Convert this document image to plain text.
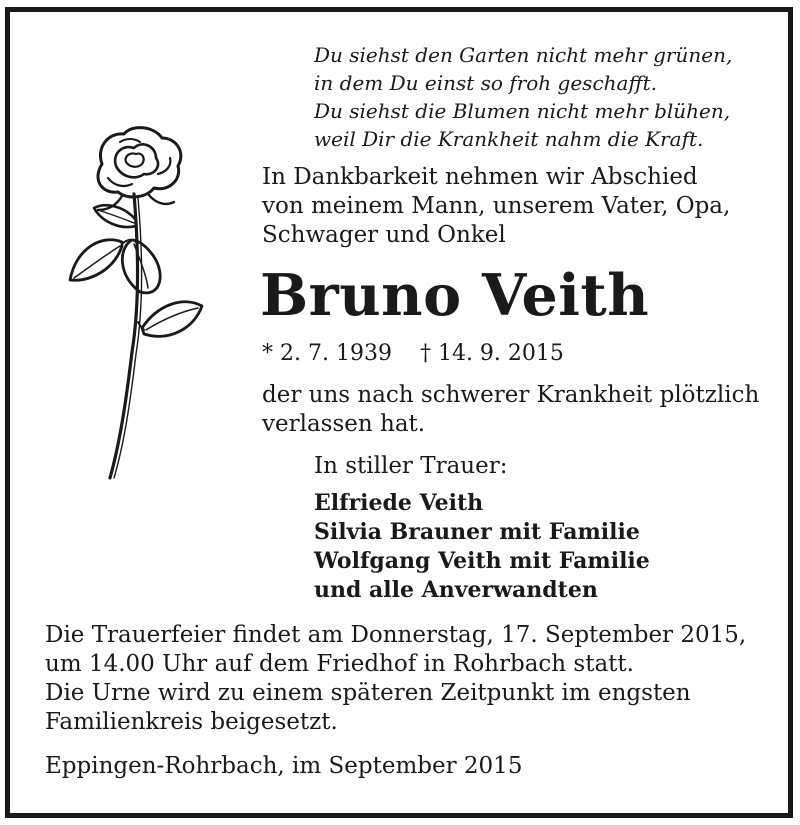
Du siehst den Garten nicht mehr grünen,
in dem Du einst so froh geschafft.
Du siehst die Blumen nicht mehr blühen,
weil Dir die Krankheit nahm die Kraft.
In Dankbarkeit nehmen wir Abschied
von meinem Mann, unserem Vater, Opa,
Schwager und Onkel
Bruno Veith
* 2. 7. 1939 † 14. 9. 2015
der uns nach schwerer Krankheit plötzlich
verlassen hat.
In stiller Trauer:
Elfriede Veith
Silvia Brauner mit Familie
Wolfgang Veith mit Familie
und alle Anverwandten
Die Trauerfeier findet am Donnerstag, 17. September 2015,
um 14.00 Uhr auf dem Friedhof in Rohrbach statt.
Die Urne wird zu einem späteren Zeitpunkt im engsten
Familienkreis beigesetzt.
Eppingen-Rohrbach, im September 2015
